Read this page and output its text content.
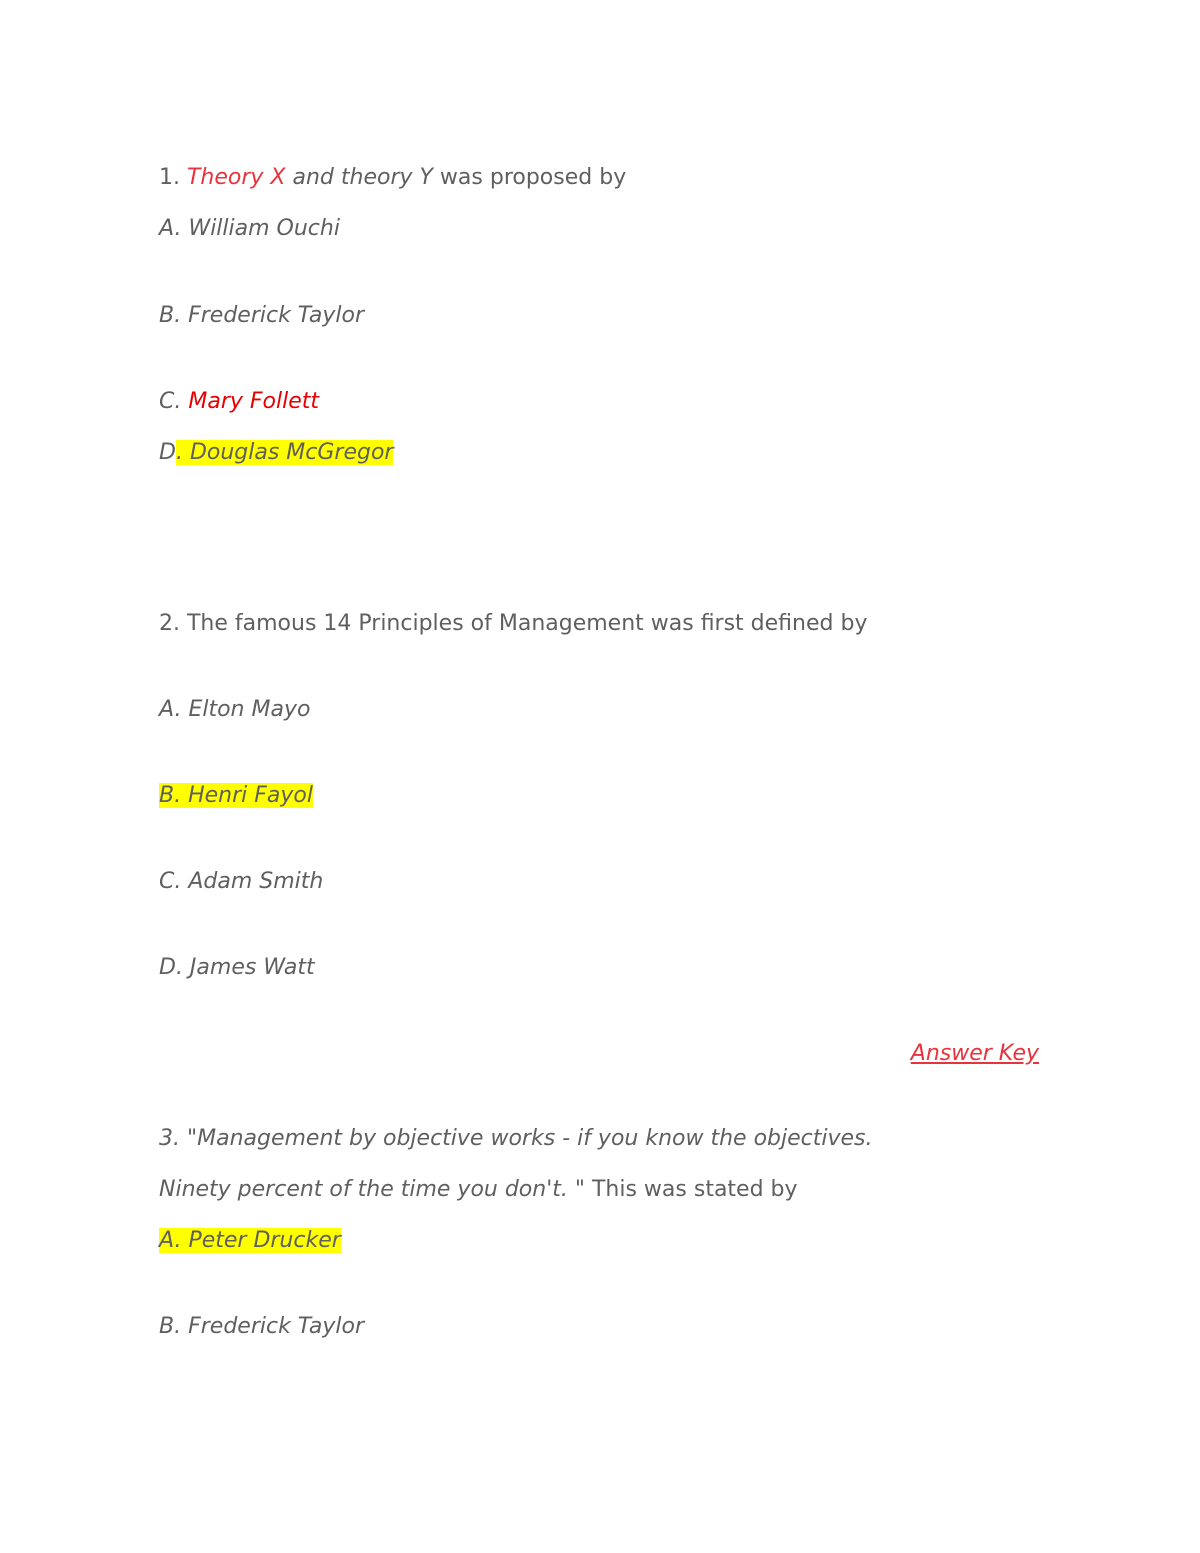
1. Theory X and theory Y was proposed by
A. William Ouchi
B. Frederick Taylor
C. Mary Follett
D. Douglas McGregor
2. The famous 14 Principles of Management was first defined by
A. Elton Mayo
B. Henri Fayol
C. Adam Smith
D. James Watt
Answer Key
3. "Management by objective works - if you know the objectives.
Ninety percent of the time you don't. " This was stated by
A. Peter Drucker
B. Frederick Taylor
